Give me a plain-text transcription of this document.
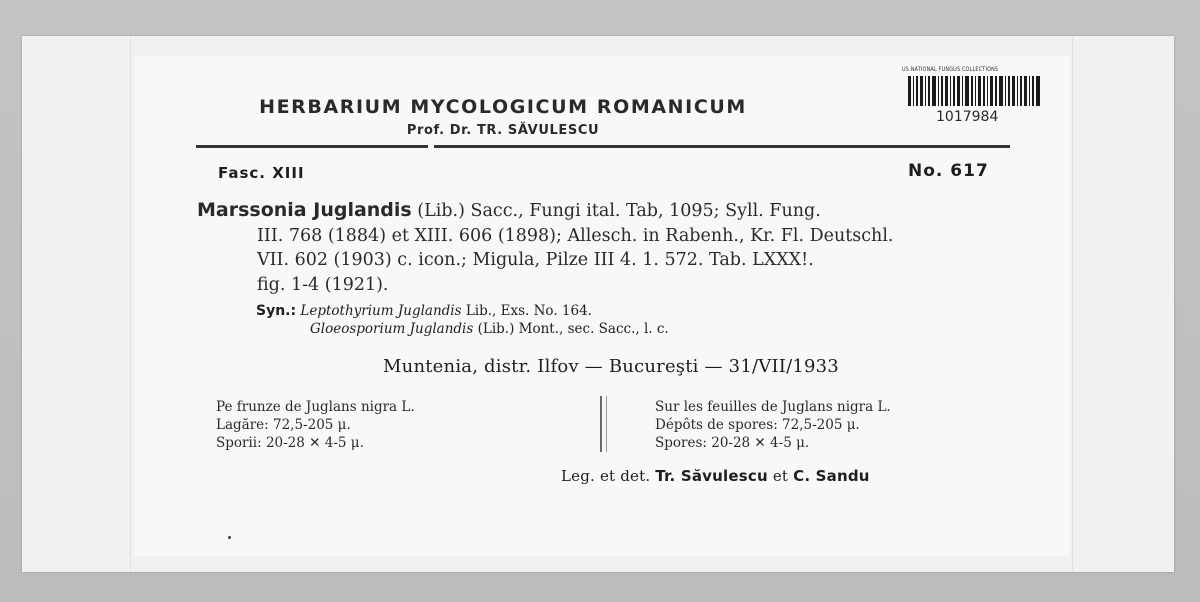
HERBARIUM MYCOLOGICUM ROMANICUM
Prof. Dr. TR. SĂVULESCU
US NATIONAL FUNGUS COLLECTIONS
1017984
Fasc. XIII	No. 617
Marssonia Juglandis (Lib.) Sacc., Fungi ital. Tab, 1095; Syll. Fung.
III. 768 (1884) et XIII. 606 (1898); Allesch. in Rabenh., Kr. Fl. Deutschl.
VII. 602 (1903) c. icon.; Migula, Pilze III 4. 1. 572. Tab. LXXX!.
fig. 1-4 (1921).
Syn.: Leptothyrium Juglandis Lib., Exs. No. 164.
Gloeosporium Juglandis (Lib.) Mont., sec. Sacc., l. c.
Muntenia, distr. Ilfov — Bucureşti — 31/VII/1933
Pe frunze de Juglans nigra L.
Lagăre: 72,5-205 μ.
Sporii: 20-28 ✕ 4-5 μ.
Sur les feuilles de Juglans nigra L.
Dépôts de spores: 72,5-205 μ.
Spores: 20-28 ✕ 4-5 μ.
Leg. et det. Tr. Săvulescu et C. Sandu
